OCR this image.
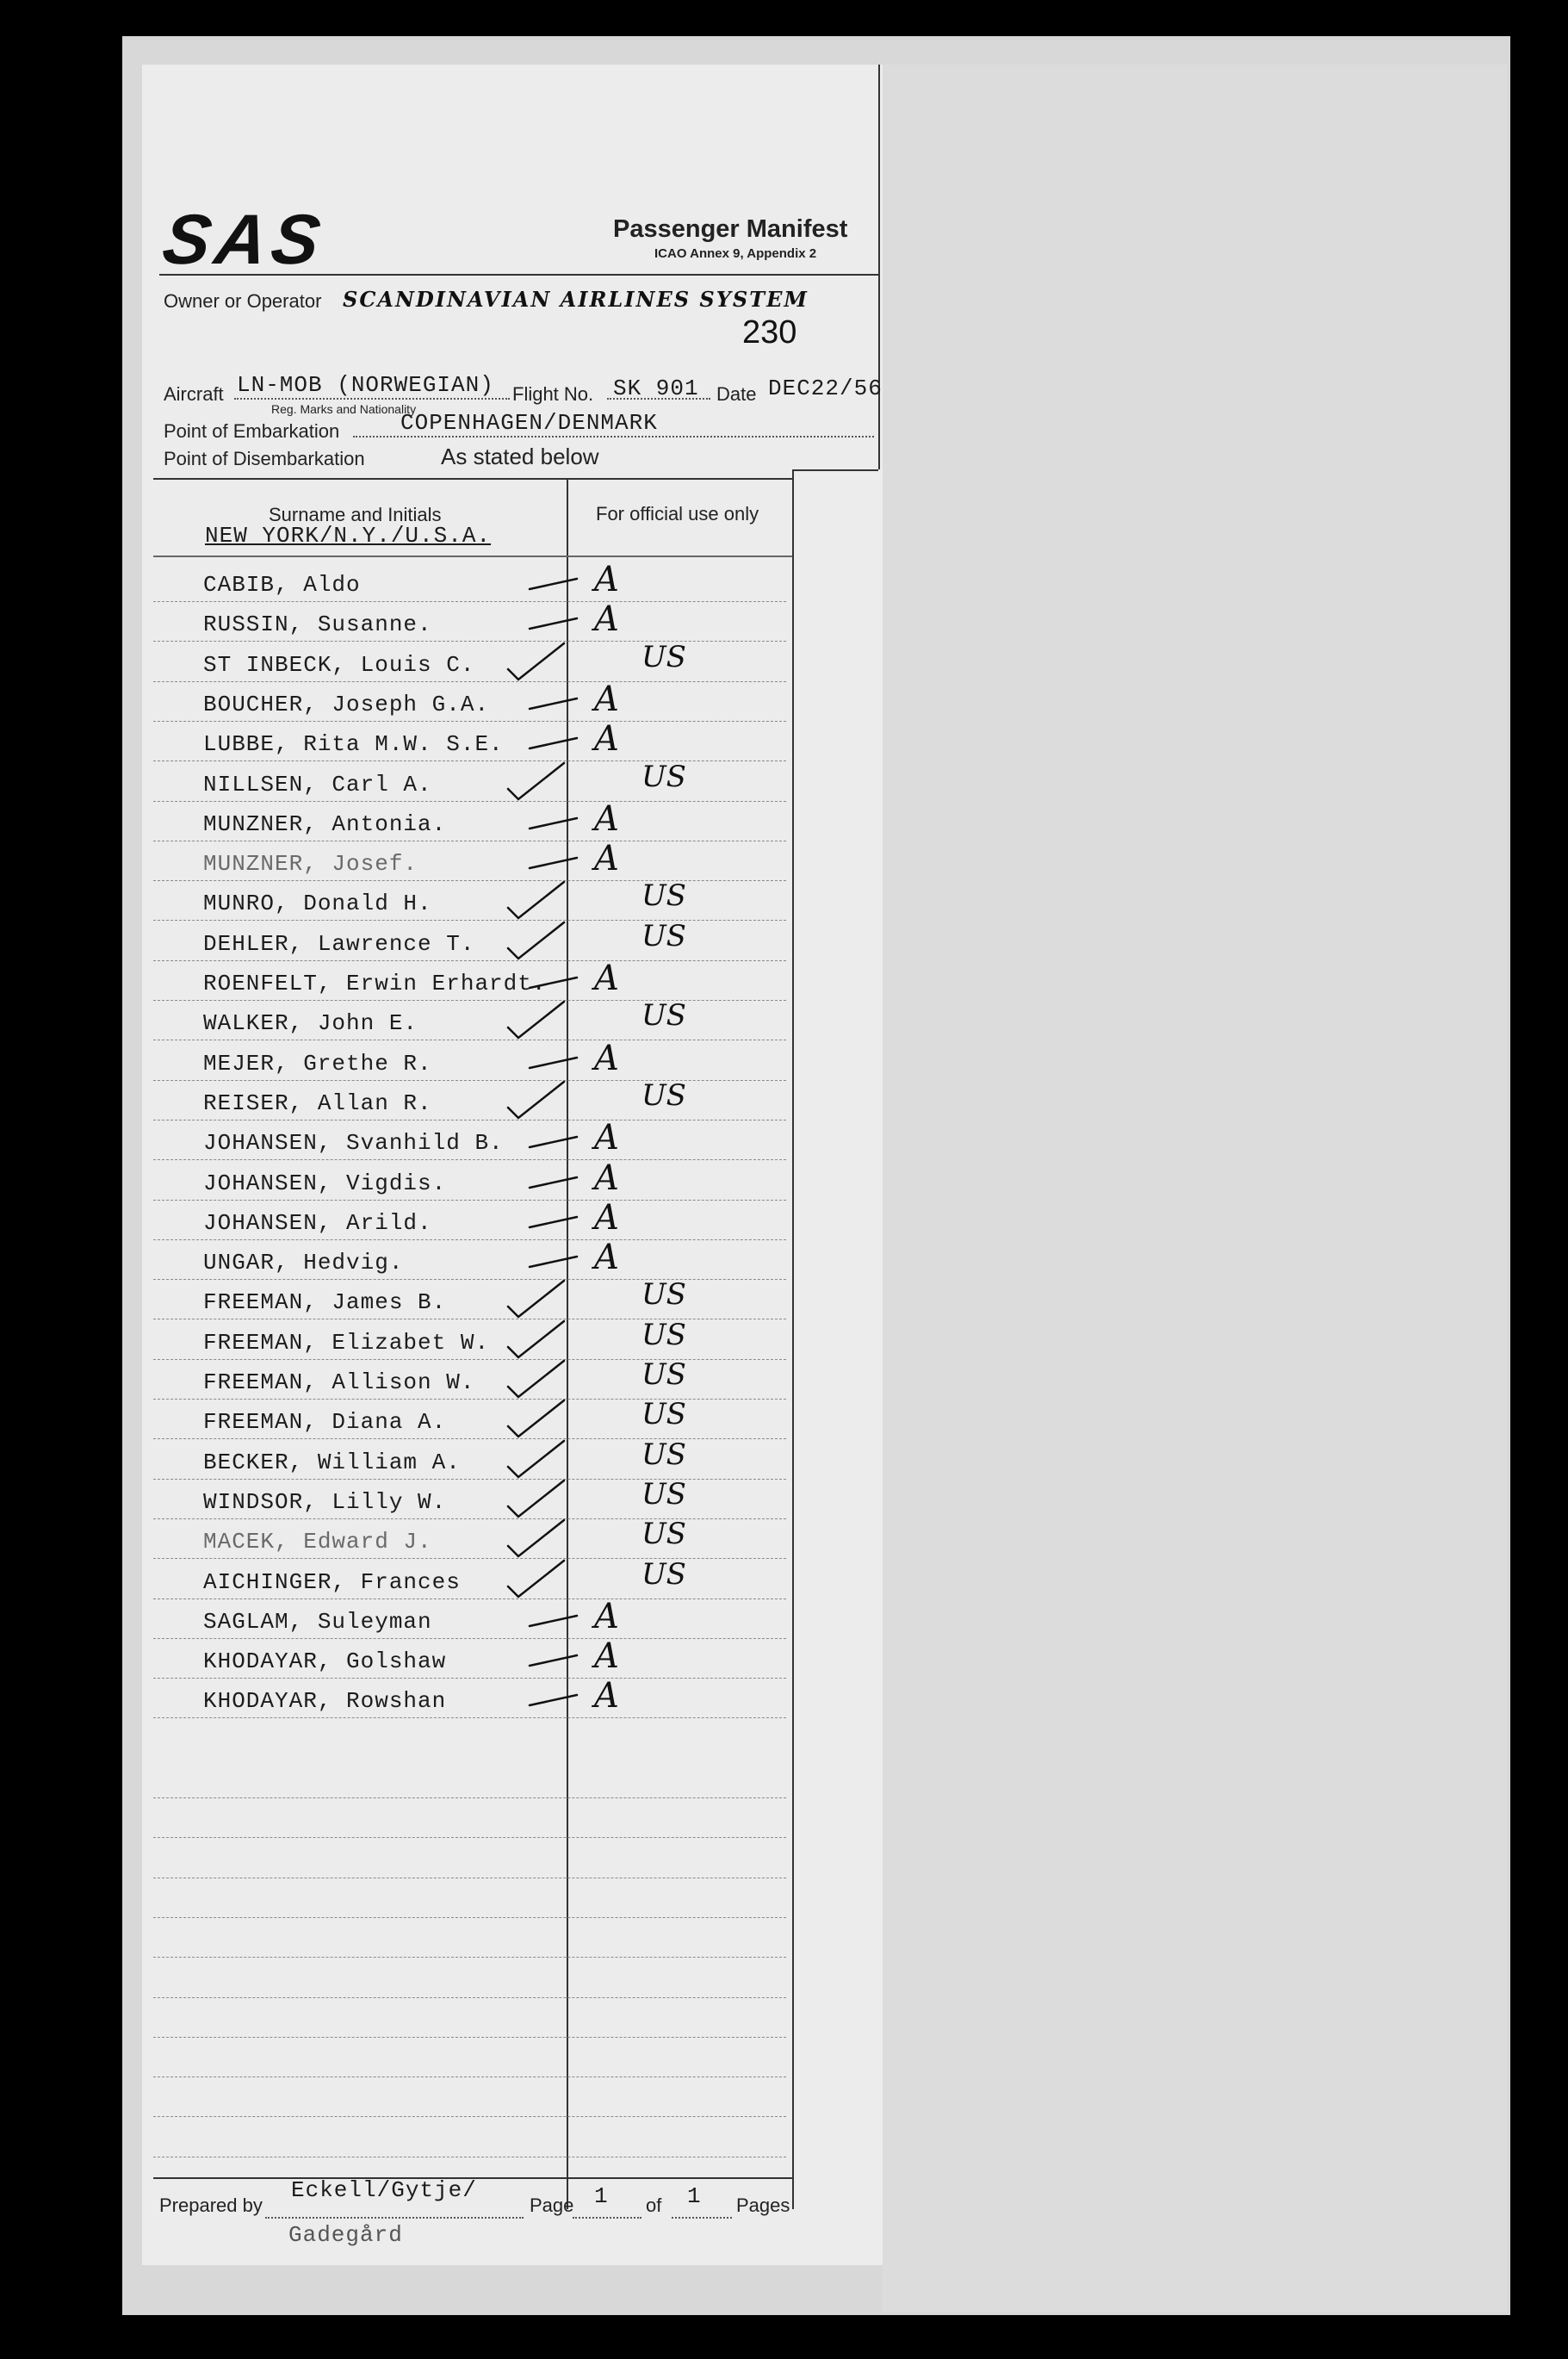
SAS	Passenger Manifest
ICAO Annex 9, Appendix 2
Owner or Operator SCANDINAVIAN AIRLINES SYSTEM
230
Aircraft LN-MOB (NORWEGIAN)
Reg. Marks and Nationality
Flight No. SK 901 Date DEC22/56
Point of Embarkation	COPENHAGEN/DENMARK
Point of Disembarkation	As stated below
Surname and Initials
NEW YORK/N.Y./U.S.A.
For official use only
CABIB, Aldo	A
RUSSIN, Susanne.	A
ST INBECK, Louis C.	US
BOUCHER, Joseph G.A.	A
LUBBE, Rita M.W. S.E.	A
NILLSEN, Carl A.	US
MUNZNER, Antonia.	A
MUNZNER, Josef.	A
MUNRO, Donald H.	US
DEHLER, Lawrence T.	US
ROENFELT, Erwin Erhardt. A
WALKER, John E.	US
MEJER, Grethe R.	A
REISER, Allan R.	US
JOHANSEN, Svanhild B.	A
JOHANSEN, Vigdis.	A
JOHANSEN, Arild.	A
UNGAR, Hedvig.	A
FREEMAN, James B.	US
FREEMAN, Elizabet W.	US
FREEMAN, Allison W.	US
FREEMAN, Diana A.	US
BECKER, William A.	US
WINDSOR, Lilly W.	US
MACEK, Edward J.	US
AICHINGER, Frances	US
SAGLAM, Suleyman	A
KHODAYAR, Golshaw	A
KHODAYAR, Rowshan	A
Prepared by
Eckell/Gytje/
Gadegård
Page 1 of 1 Pages
